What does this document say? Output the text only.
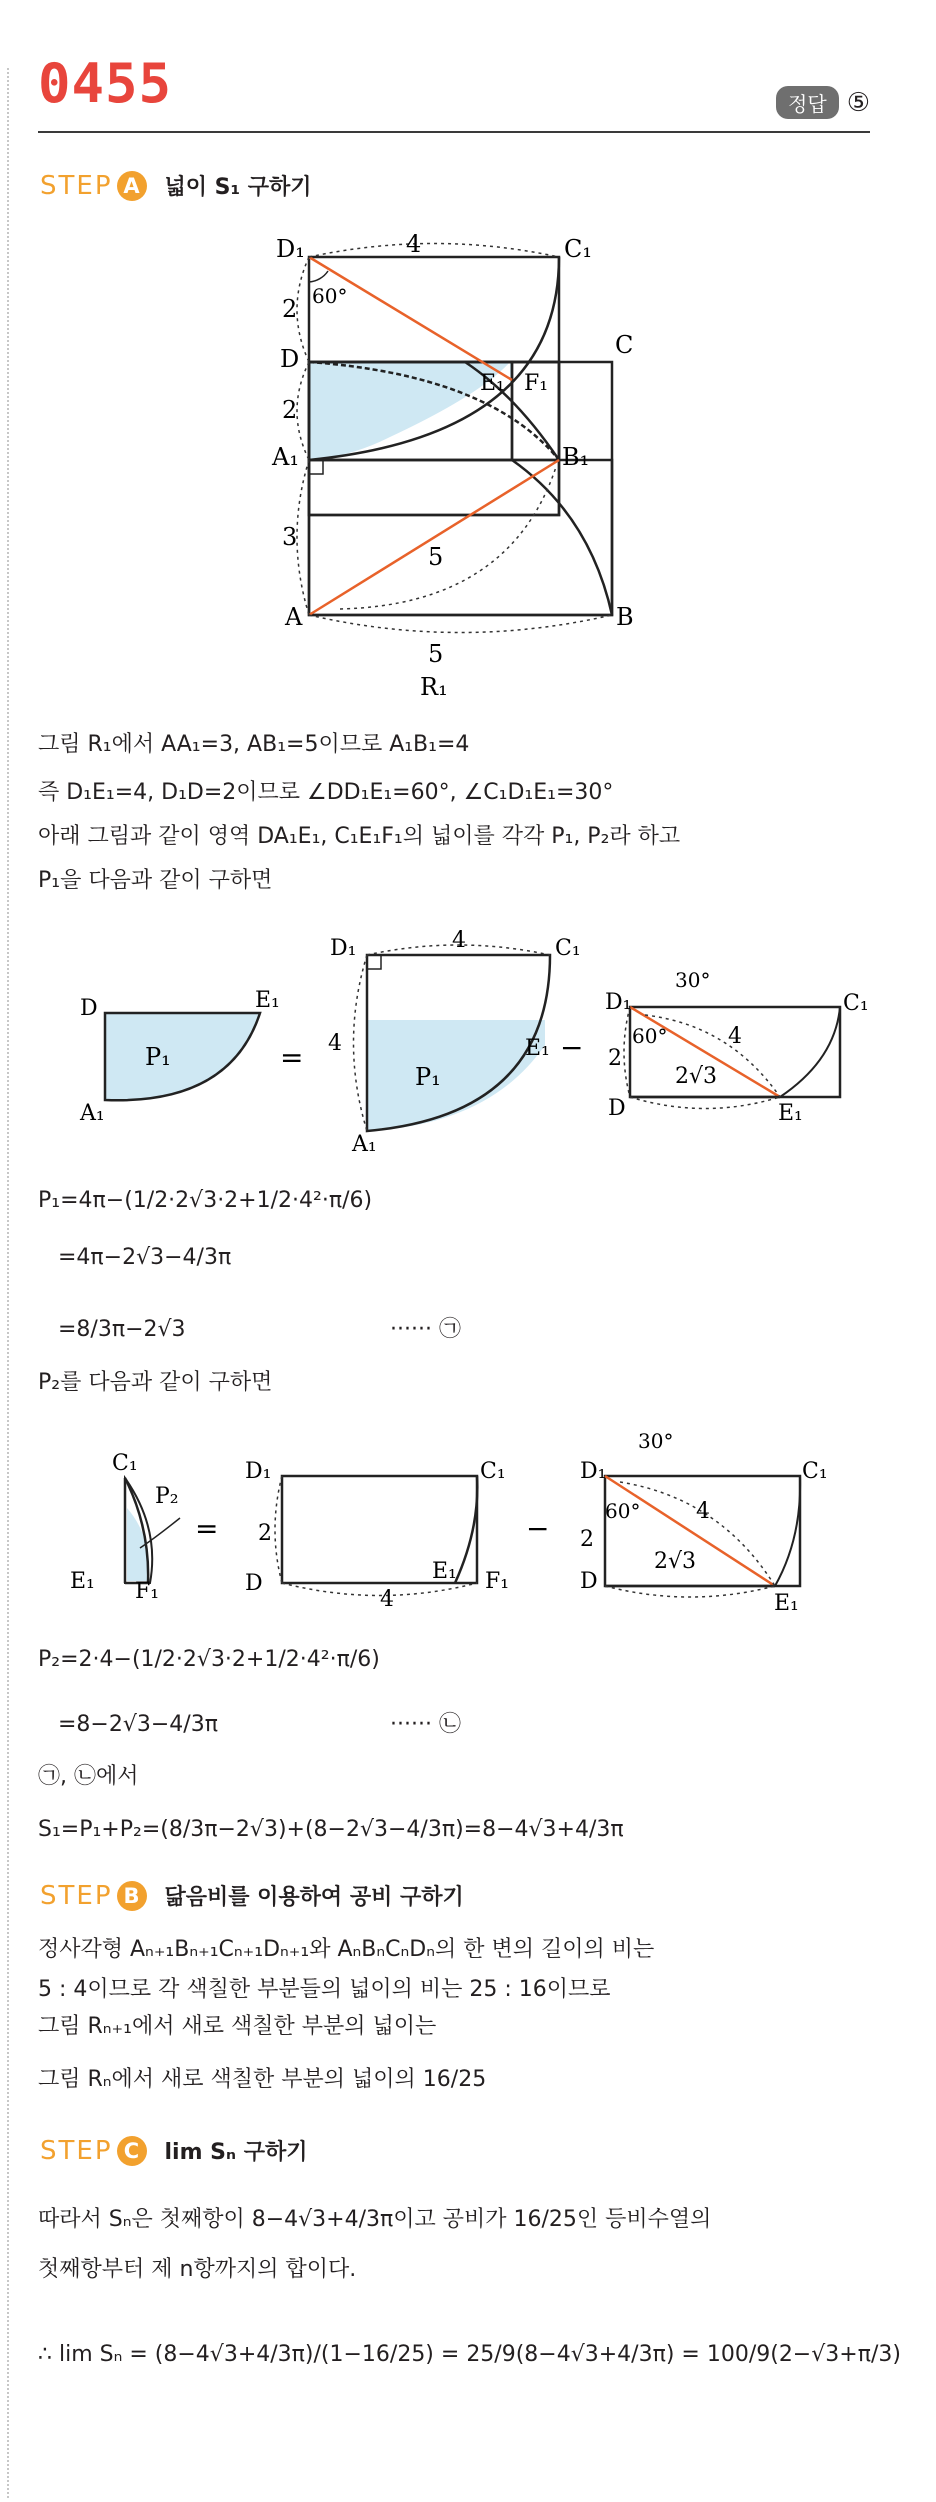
0455	정답 ⑤
STEP A	넓이 S₁ 구하기
D₁	C₁
D	C
A₁	B₁
A	B
E₁ F₁
R₁
4
2
2
3
5
5
60°
그림 R₁에서 AA₁=3, AB₁=5이므로 A₁B₁=4
즉 D₁E₁=4, D₁D=2이므로 ∠DD₁E₁=60°, ∠C₁D₁E₁=30°
아래 그림과 같이 영역 DA₁E₁, C₁E₁F₁의 넓이를 각각 P₁, P₂라 하고
P₁을 다음과 같이 구하면
D	E₁
P₁
A₁
=
D₁	C₁
4
4
P₁
E₁
A₁
−
D₁	C₁
30°
60°	4
2
2√3
D	E₁
P₁=4π−(1/2·2√3·2+1/2·4²·π/6)
=4π−2√3−4/3π
=8/3π−2√3	······ ㉠
P₂를 다음과 같이 구하면
C₁
P₂
E₁ F₁
=
D₁	C₁
2
D	E₁ F₁
4
−
D₁	C₁
30°
60°	4
2
2√3
D
E₁
P₂=2·4−(1/2·2√3·2+1/2·4²·π/6)
=8−2√3−4/3π	······ ㉡
㉠, ㉡에서
S₁=P₁+P₂=(8/3π−2√3)+(8−2√3−4/3π)=8−4√3+4/3π
STEP B	닮음비를 이용하여 공비 구하기
정사각형 Aₙ₊₁Bₙ₊₁Cₙ₊₁Dₙ₊₁와 AₙBₙCₙDₙ의 한 변의 길이의 비는
5 : 4이므로 각 색칠한 부분들의 넓이의 비는 25 : 16이므로
그림 Rₙ₊₁에서 새로 색칠한 부분의 넓이는
그림 Rₙ에서 새로 색칠한 부분의 넓이의 16/25
STEP C	lim Sₙ 구하기
따라서 Sₙ은 첫째항이 8−4√3+4/3π이고 공비가 16/25인 등비수열의
첫째항부터 제 n항까지의 합이다.
∴ lim Sₙ = (8−4√3+4/3π)/(1−16/25) = 25/9(8−4√3+4/3π) = 100/9(2−√3+π/3)
